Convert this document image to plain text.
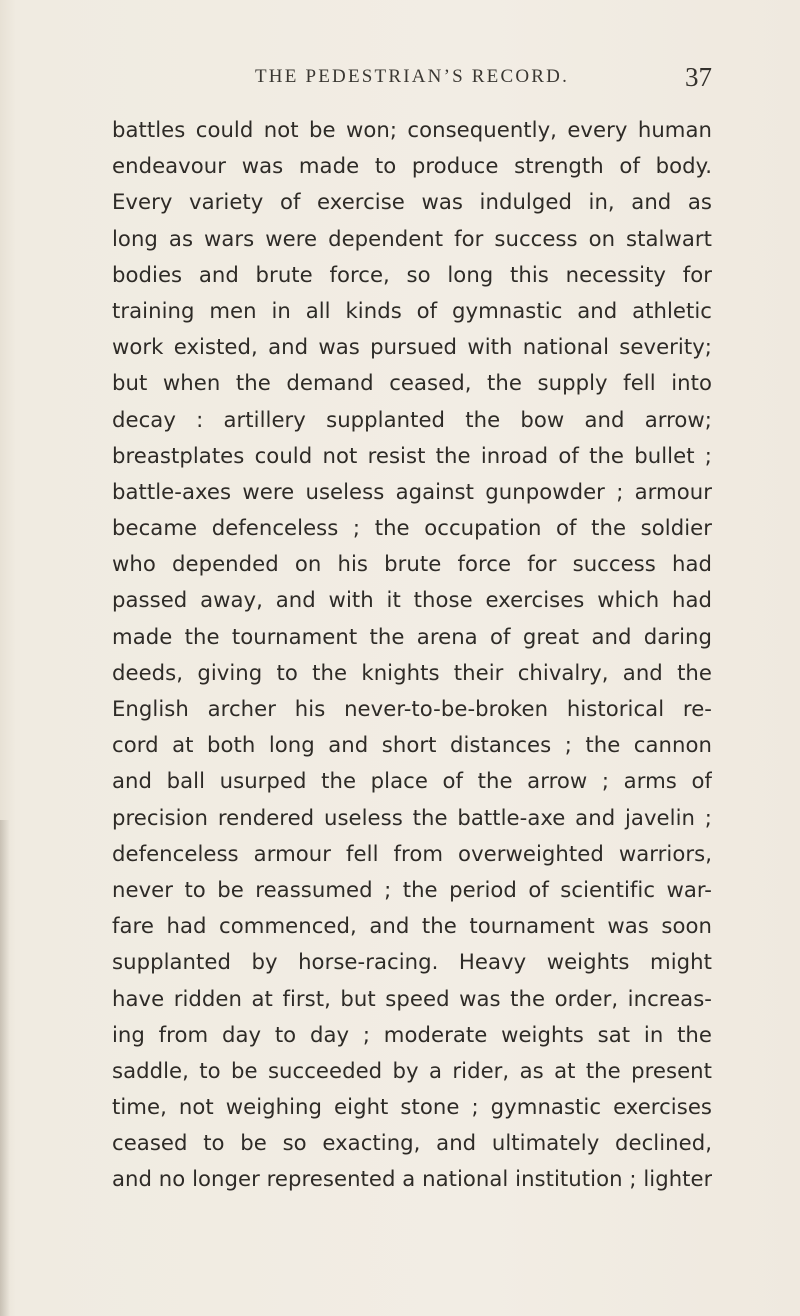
THE PEDESTRIAN’S RECORD.	37
battles could not be won; consequently, every human
endeavour was made to produce strength of body.
Every variety of exercise was indulged in, and as
long as wars were dependent for success on stalwart
bodies and brute force, so long this necessity for
training men in all kinds of gymnastic and athletic
work existed, and was pursued with national severity;
but when the demand ceased, the supply fell into
decay : artillery supplanted the bow and arrow;
breastplates could not resist the inroad of the bullet ;
battle-axes were useless against gunpowder ; armour
became defenceless ; the occupation of the soldier
who depended on his brute force for success had
passed away, and with it those exercises which had
made the tournament the arena of great and daring
deeds, giving to the knights their chivalry, and the
English archer his never-to-be-broken historical re-
cord at both long and short distances ; the cannon
and ball usurped the place of the arrow ; arms of
precision rendered useless the battle-axe and javelin ;
defenceless armour fell from overweighted warriors,
never to be reassumed ; the period of scientific war-
fare had commenced, and the tournament was soon
supplanted by horse-racing. Heavy weights might
have ridden at first, but speed was the order, increas-
ing from day to day ; moderate weights sat in the
saddle, to be succeeded by a rider, as at the present
time, not weighing eight stone ; gymnastic exercises
ceased to be so exacting, and ultimately declined,
and no longer represented a national institution ; lighter
